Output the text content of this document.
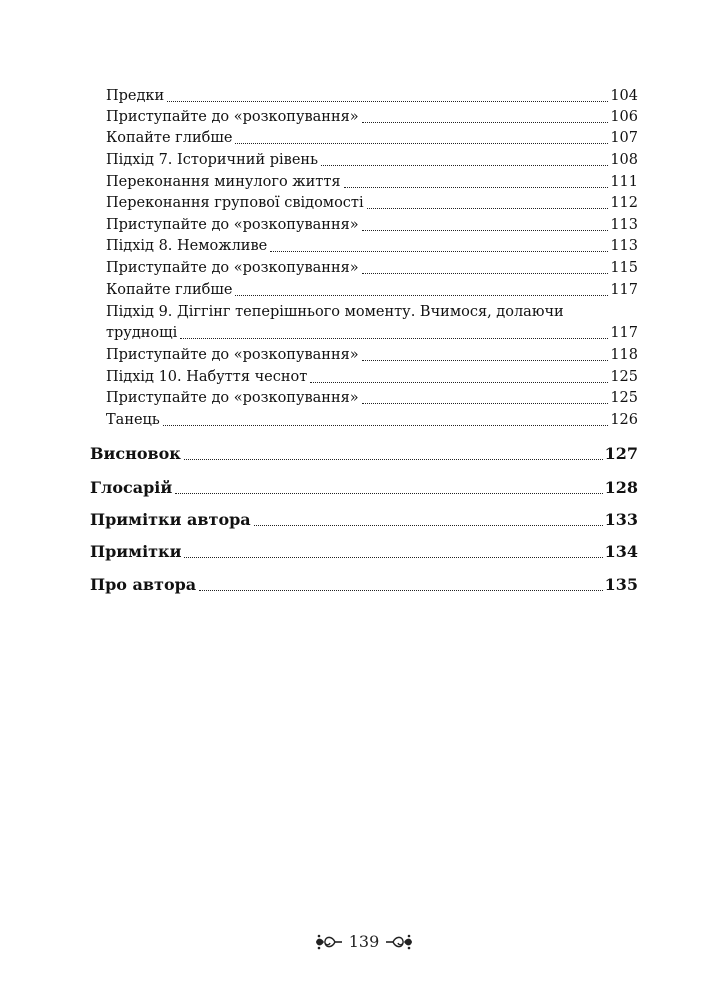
Предки	104
Приступайте до «розкопування»	106
Копайте глибше	107
Підхід 7. Історичний рівень	108
Переконання минулого життя	111
Переконання групової свідомості	112
Приступайте до «розкопування»	113
Підхід 8. Неможливе	113
Приступайте до «розкопування»	115
Копайте глибше	117
Підхід 9. Діггінг теперішнього моменту. Вчимося, долаючи
труднощі	117
Приступайте до «розкопування»	118
Підхід 10. Набуття чеснот	125
Приступайте до «розкопування»	125
Танець	126
Висновок	127
Глосарій	128
Примітки автора	133
Примітки	134
Про автора	135
139
